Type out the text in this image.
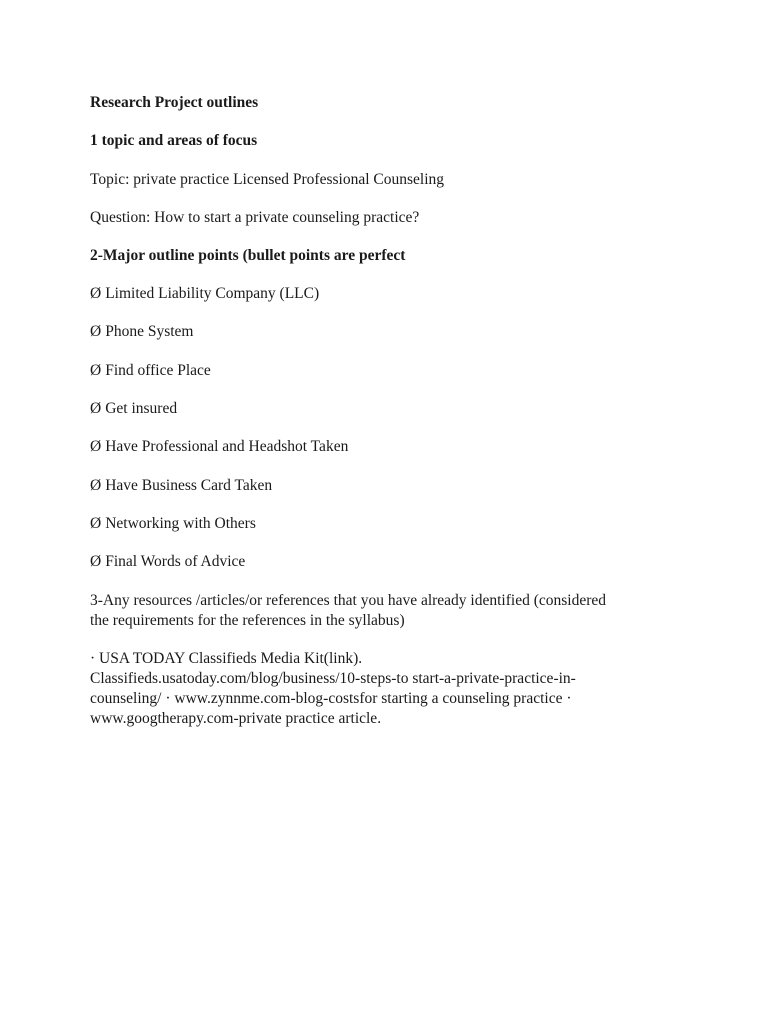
Research Project outlines
1 topic and areas of focus
Topic: private practice Licensed Professional Counseling
Question: How to start a private counseling practice?
2-Major outline points (bullet points are perfect
Ø Limited Liability Company (LLC)
Ø Phone System
Ø Find office Place
Ø Get insured
Ø Have Professional and Headshot Taken
Ø Have Business Card Taken
Ø Networking with Others
Ø Final Words of Advice
3-Any resources /articles/or references that you have already identified (considered
the requirements for the references in the syllabus)
· USA TODAY Classifieds Media Kit(link).
Classifieds.usatoday.com/blog/business/10-steps-to start-a-private-practice-in-
counseling/ · www.zynnme.com-blog-costsfor starting a counseling practice ·
www.googtherapy.com-private practice article.
